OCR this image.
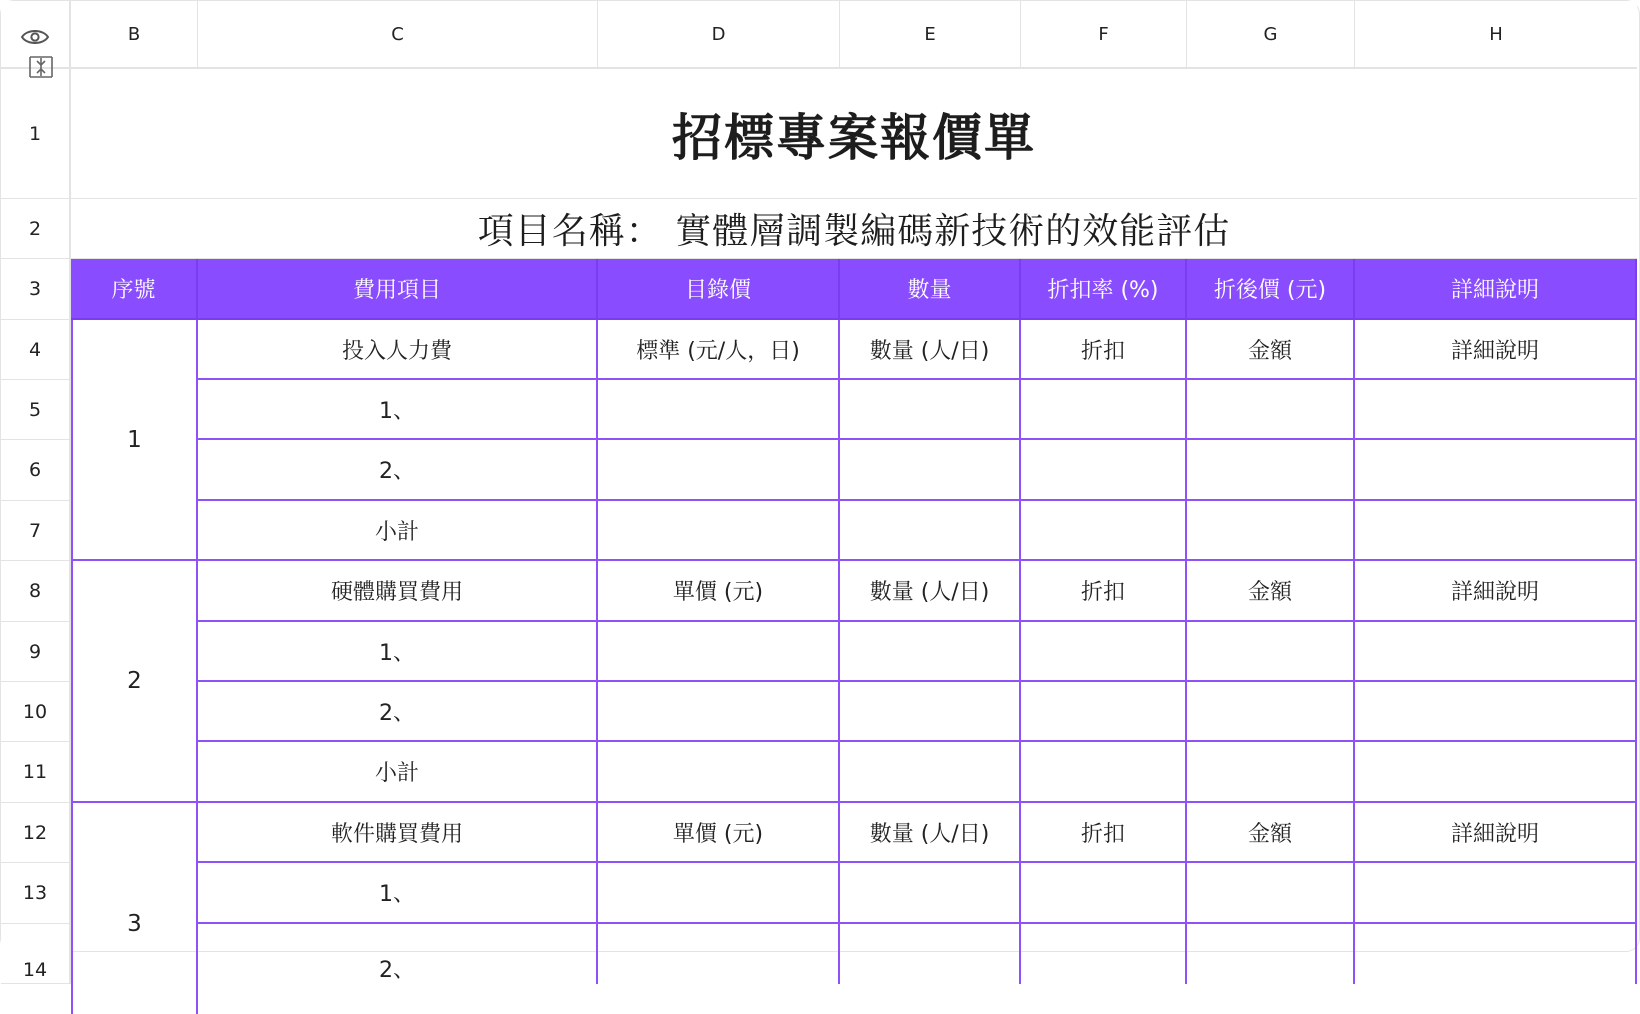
B	C	D	E	F	G	H
1
2
3
4
5
6
7
8
9
10
11
12
13
14
招標專案報價單
項目名稱： 實體層調製編碼新技術的效能評估
序號	費用項目	目錄價	數量	折扣率 (%)	折後價 (元)	詳細說明
1
投入人力費	標準 (元/人，日)	數量 (人/日)	折扣	金額	詳細說明
1、
2、
小計
2
硬體購買費用	單價 (元)	數量 (人/日)	折扣	金額	詳細說明
1、
2、
小計
3
軟件購買費用	單價 (元)	數量 (人/日)	折扣	金額	詳細說明
1、
2、
